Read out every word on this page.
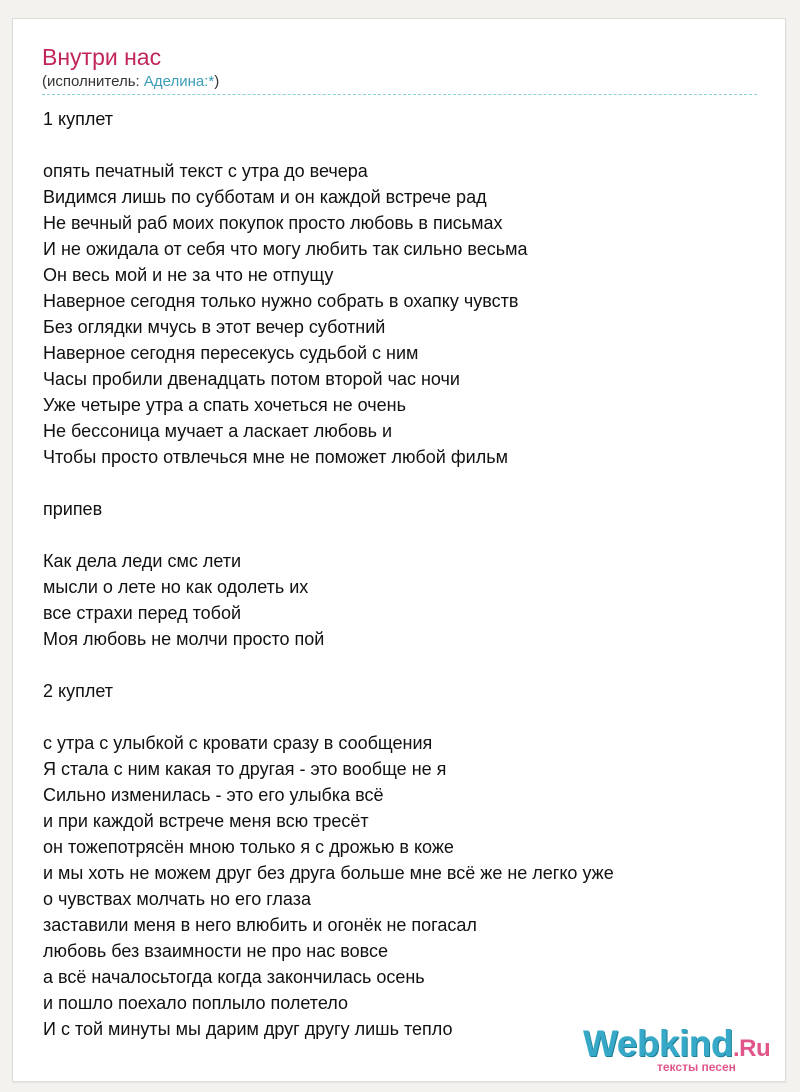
Внутри нас
(исполнитель: Аделина:*)
1 куплет
опять печатный текст с утра до вечера
Видимся лишь по субботам и он каждой встрече рад
Не вечный раб моих покупок просто любовь в письмах
И не ожидала от себя что могу любить так сильно весьма
Он весь мой и не за что не отпущу
Наверное сегодня только нужно собрать в охапку чувств
Без оглядки мчусь в этот вечер суботний
Наверное сегодня пересекусь судьбой с ним
Часы пробили двенадцать потом второй час ночи
Уже четыре утра а спать хочеться не очень
Не бессоница мучает а ласкает любовь и
Чтобы просто отвлечься мне не поможет любой фильм
припев
Как дела леди смс лети
мысли о лете но как одолеть их
все страхи перед тобой
Моя любовь не молчи просто пой
2 куплет
с утра с улыбкой с кровати сразу в сообщения
Я стала с ним какая то другая - это вообще не я
Сильно изменилась - это его улыбка всё
и при каждой встрече меня всю тресёт
он тожепотрясён мною только я с дрожью в коже
и мы хоть не можем друг без друга больше мне всё же не легко уже
о чувствах молчать но его глаза
заставили меня в него влюбить и огонёк не погасал
любовь без взаимности не про нас вовсе
а всё началосьтогда когда закончилась осень
и пошло поехало поплыло полетело
И с той минуты мы дарим друг другу лишь тепло	Webkind.Ru
тексты песен
